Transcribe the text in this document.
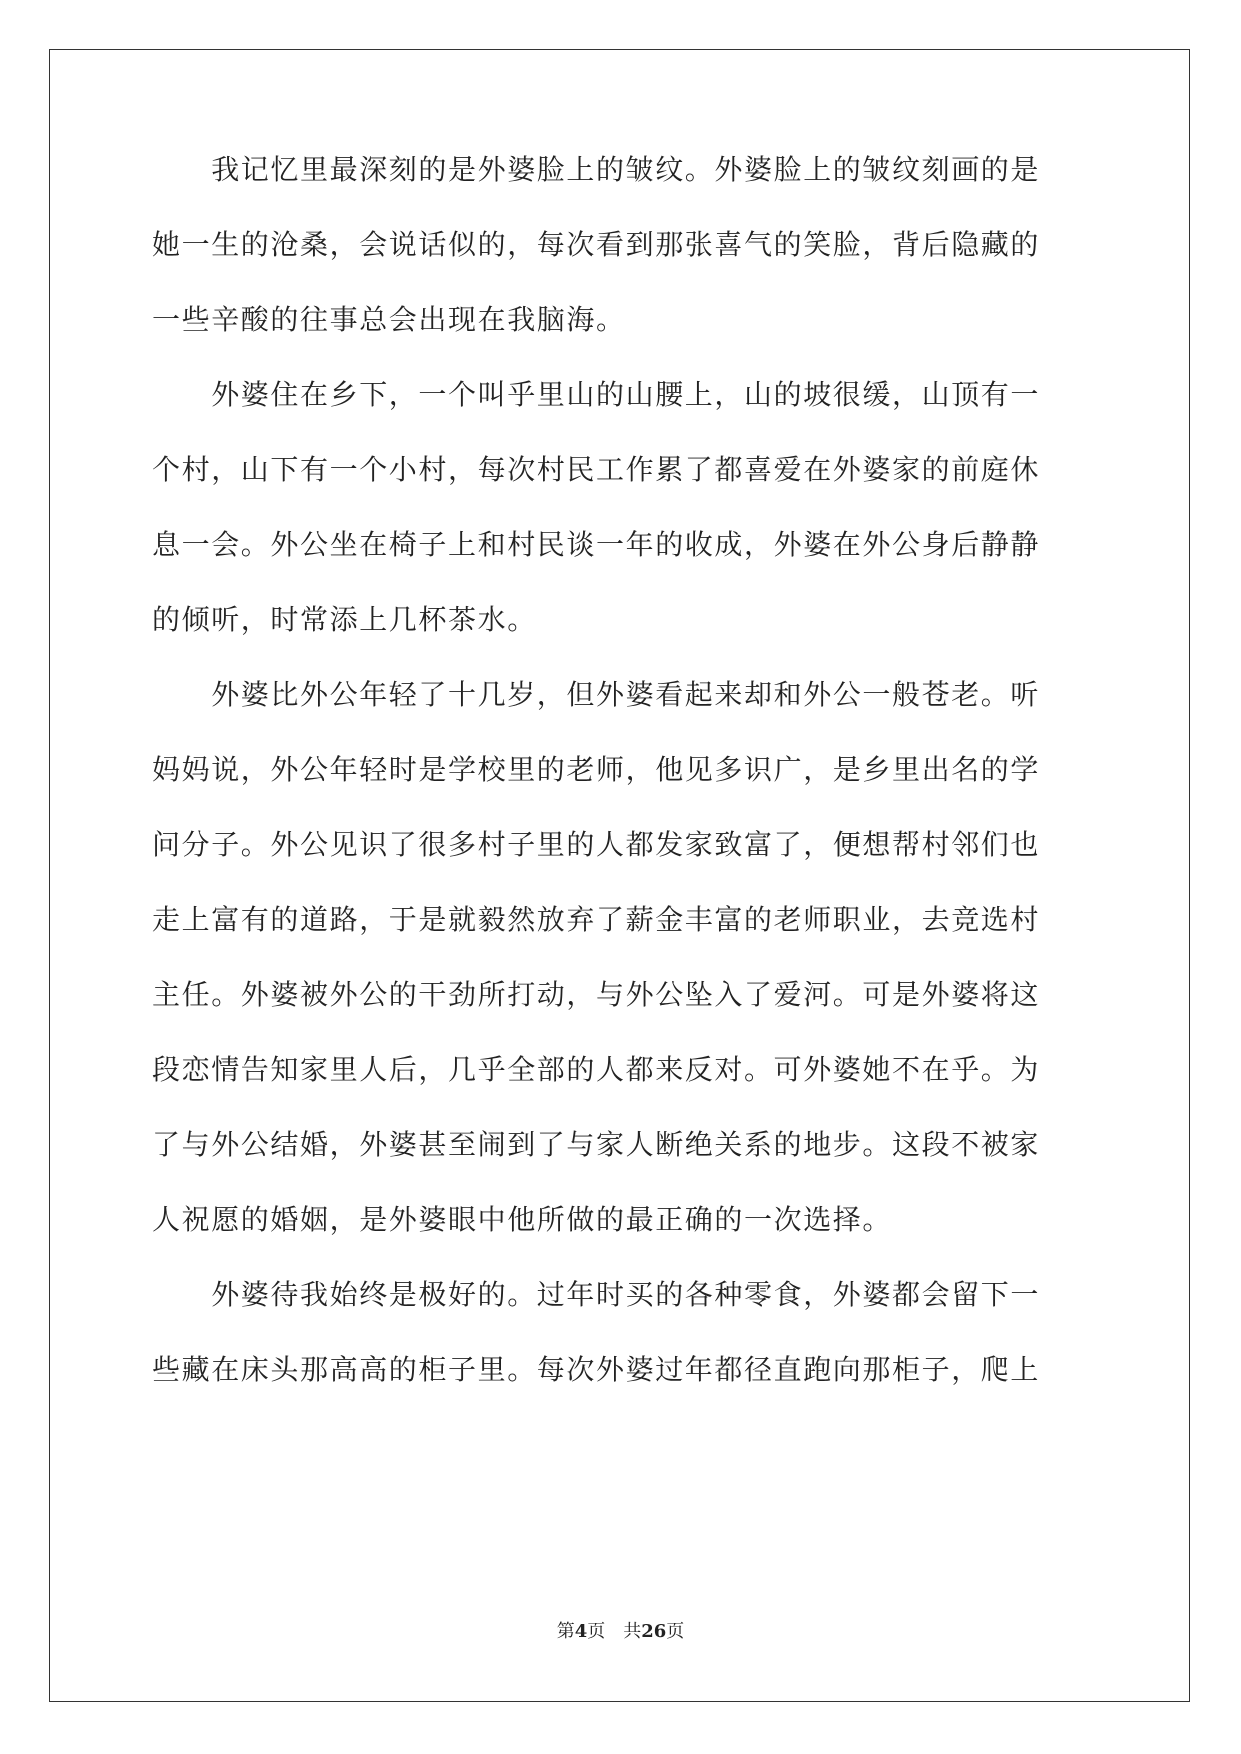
　　我记忆里最深刻的是外婆脸上的皱纹。外婆脸上的皱纹刻画的是
她一生的沧桑，会说话似的，每次看到那张喜气的笑脸，背后隐藏的
一些辛酸的往事总会出现在我脑海。
　　外婆住在乡下，一个叫乎里山的山腰上，山的坡很缓，山顶有一
个村，山下有一个小村，每次村民工作累了都喜爱在外婆家的前庭休
息一会。外公坐在椅子上和村民谈一年的收成，外婆在外公身后静静
的倾听，时常添上几杯茶水。
　　外婆比外公年轻了十几岁，但外婆看起来却和外公一般苍老。听
妈妈说，外公年轻时是学校里的老师，他见多识广，是乡里出名的学
问分子。外公见识了很多村子里的人都发家致富了，便想帮村邻们也
走上富有的道路，于是就毅然放弃了薪金丰富的老师职业，去竞选村
主任。外婆被外公的干劲所打动，与外公坠入了爱河。可是外婆将这
段恋情告知家里人后，几乎全部的人都来反对。可外婆她不在乎。为
了与外公结婚，外婆甚至闹到了与家人断绝关系的地步。这段不被家
人祝愿的婚姻，是外婆眼中他所做的最正确的一次选择。
　　外婆待我始终是极好的。过年时买的各种零食，外婆都会留下一
些藏在床头那高高的柜子里。每次外婆过年都径直跑向那柜子，爬上
第4页 共26页
